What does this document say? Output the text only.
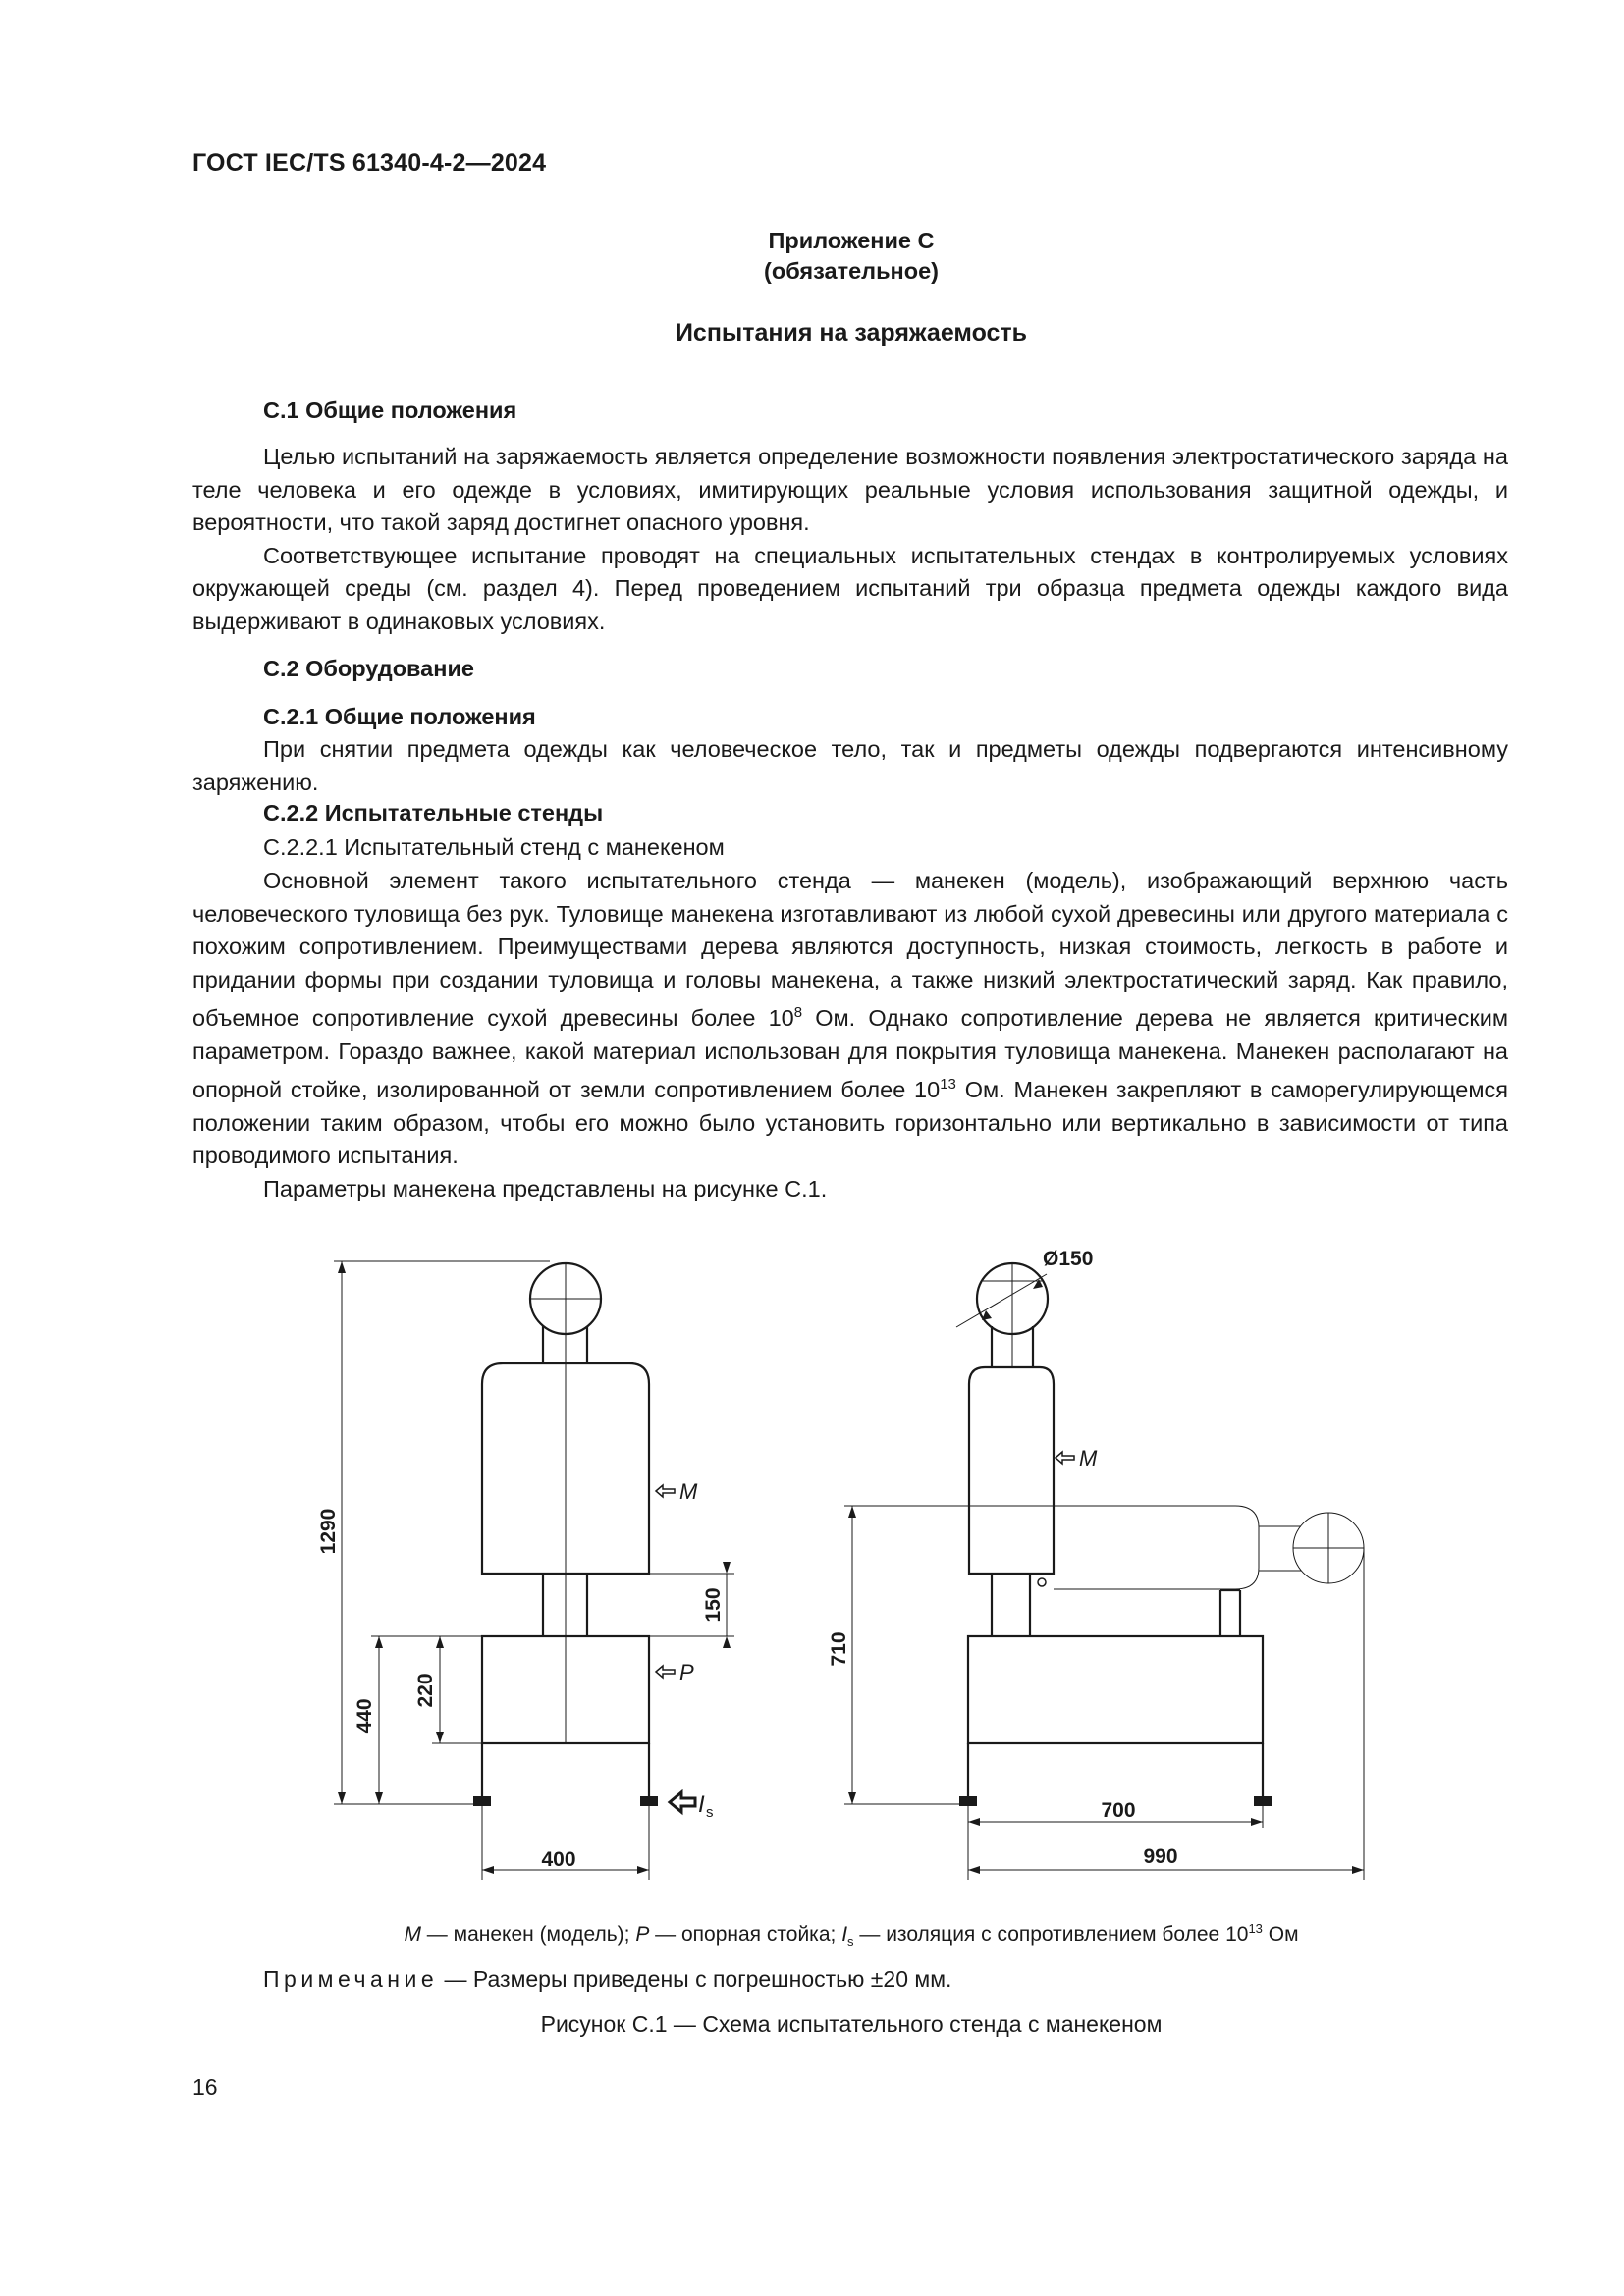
ГОСТ IEC/TS 61340-4-2—2024
Приложение С
(обязательное)
Испытания на заряжаемость
С.1 Общие положения

Целью испытаний на заряжаемость является определение возможности появления электростатического заряда на теле человека и его одежде в условиях, имитирующих реальные условия использования защитной одежды, и вероятности, что такой заряд достигнет опасного уровня.

Соответствующее испытание проводят на специальных испытательных стендах в контролируемых условиях окружающей среды (см. раздел 4). Перед проведением испытаний три образца предмета одежды каждого вида выдерживают в одинаковых условиях.

С.2 Оборудование
С.2.1 Общие положения

При снятии предмета одежды как человеческое тело, так и предметы одежды подвергаются интенсивному заряжению.

С.2.2 Испытательные стенды
С.2.2.1 Испытательный стенд с манекеном

Основной элемент такого испытательного стенда — манекен (модель), изображающий верхнюю часть человеческого туловища без рук. Туловище манекена изготавливают из любой сухой древесины или другого материала с похожим сопротивлением. Преимуществами дерева являются доступность, низкая стоимость, легкость в работе и придании формы при создании туловища и головы манекена, а также низкий электростатический заряд. Как правило, объемное сопротивление сухой древесины более $10^8$ Ом. Однако сопротивление дерева не является критическим параметром. Гораздо важнее, какой материал использован для покрытия туловища манекена. Манекен располагают на опорной стойке, изолированной от земли сопротивлением более $10^{13}$ Ом. Манекен закрепляют в саморегулирующемся положении таким образом, чтобы его можно было установить горизонтально или вертикально в зависимости от типа проводимого испытания.

Параметры манекена представлены на рисунке С.1.

M
P
M
I s
Ø150
1290
440
220
150
400
710
700
990
M — манекен (модель); P — опорная стойка; $I_s$ — изоляция с сопротивлением более $10^{13}$ Ом
Примечание — Размеры приведены с погрешностью ±20 мм.
Рисунок С.1 — Схема испытательного стенда с манекеном
16
